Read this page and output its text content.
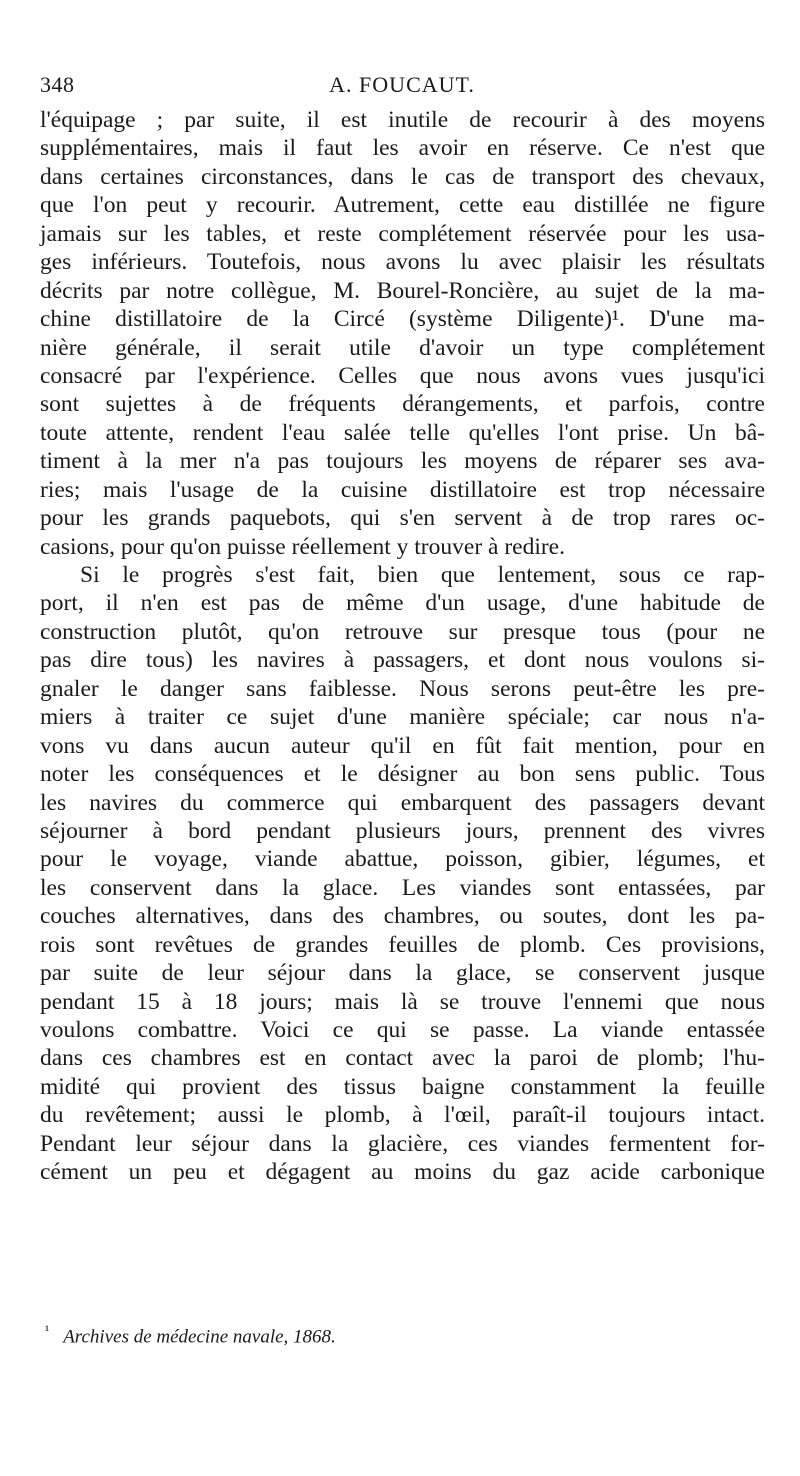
348	A. FOUCAUT.
l'équipage ; par suite, il est inutile de recourir à des moyens
supplémentaires, mais il faut les avoir en réserve. Ce n'est que
dans certaines circonstances, dans le cas de transport des chevaux,
que l'on peut y recourir. Autrement, cette eau distillée ne figure
jamais sur les tables, et reste complétement réservée pour les usa-
ges inférieurs. Toutefois, nous avons lu avec plaisir les résultats
décrits par notre collègue, M. Bourel-Roncière, au sujet de la ma-
chine distillatoire de la Circé (système Diligente)¹. D'une ma-
nière générale, il serait utile d'avoir un type complétement
consacré par l'expérience. Celles que nous avons vues jusqu'ici
sont sujettes à de fréquents dérangements, et parfois, contre
toute attente, rendent l'eau salée telle qu'elles l'ont prise. Un bâ-
timent à la mer n'a pas toujours les moyens de réparer ses ava-
ries; mais l'usage de la cuisine distillatoire est trop nécessaire
pour les grands paquebots, qui s'en servent à de trop rares oc-
casions, pour qu'on puisse réellement y trouver à redire.
Si le progrès s'est fait, bien que lentement, sous ce rap-
port, il n'en est pas de même d'un usage, d'une habitude de
construction plutôt, qu'on retrouve sur presque tous (pour ne
pas dire tous) les navires à passagers, et dont nous voulons si-
gnaler le danger sans faiblesse. Nous serons peut-être les pre-
miers à traiter ce sujet d'une manière spéciale; car nous n'a-
vons vu dans aucun auteur qu'il en fût fait mention, pour en
noter les conséquences et le désigner au bon sens public. Tous
les navires du commerce qui embarquent des passagers devant
séjourner à bord pendant plusieurs jours, prennent des vivres
pour le voyage, viande abattue, poisson, gibier, légumes, et
les conservent dans la glace. Les viandes sont entassées, par
couches alternatives, dans des chambres, ou soutes, dont les pa-
rois sont revêtues de grandes feuilles de plomb. Ces provisions,
par suite de leur séjour dans la glace, se conservent jusque
pendant 15 à 18 jours; mais là se trouve l'ennemi que nous
voulons combattre. Voici ce qui se passe. La viande entassée
dans ces chambres est en contact avec la paroi de plomb; l'hu-
midité qui provient des tissus baigne constamment la feuille
du revêtement; aussi le plomb, à l'œil, paraît-il toujours intact.
Pendant leur séjour dans la glacière, ces viandes fermentent for-
cément un peu et dégagent au moins du gaz acide carbonique
$^{^1}$ Archives de médecine navale, 1868.
